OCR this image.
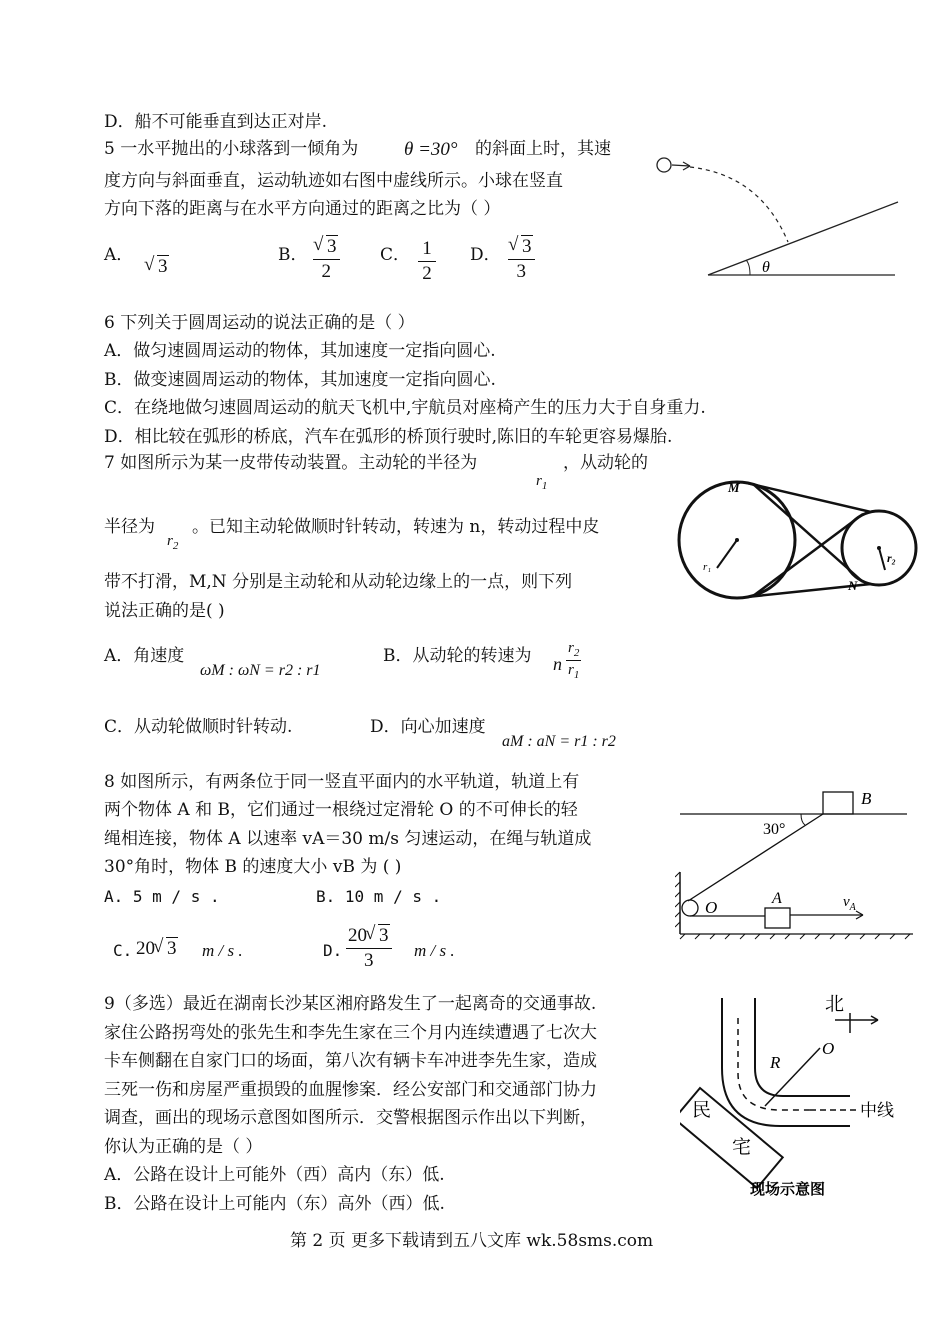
D．船不可能垂直到达正对岸.
5 一水平抛出的小球落到一倾角为 θ =30° 的斜面上时，其速
度方向与斜面垂直，运动轨迹如右图中虚线所示。小球在竖直
方向下落的距离与在水平方向通过的距离之比为（ ）
A．
√ 3
B． √ $\frac{3}{2}$ C． $\frac{1}{2}$ D． √ $\frac{3}{3}$	θ
6 下列关于圆周运动的说法正确的是（ ）
A．做匀速圆周运动的物体，其加速度一定指向圆心.
B．做变速圆周运动的物体，其加速度一定指向圆心.
C．在绕地做匀速圆周运动的航天飞机中,宇航员对座椅产生的压力大于自身重力.
D．相比较在弧形的桥底，汽车在弧形的桥顶行驶时,陈旧的车轮更容易爆胎.
7 如图所示为某一皮带传动装置。主动轮的半径为
$r_1$
，从动轮的
半径为
$r_2$
。已知主动轮做顺时针转动，转速为 n，转动过程中皮
带不打滑，M,N 分别是主动轮和从动轮边缘上的一点，则下列
说法正确的是( )
A．角速度
ωM : ωN = r2 : r1
B．从动轮的转速为 n $\frac{r_2}{r_1}$
C．从动轮做顺时针转动.	D．向心加速度
aM : aN = r1 : r2
M
N
r₁
r₂
8 如图所示，有两条位于同一竖直平面内的水平轨道，轨道上有
两个物体 A 和 B，它们通过一根绕过定滑轮 O 的不可伸长的轻
绳相连接，物体 A 以速率 vA＝30 m/s 匀速运动，在绳与轨道成
30°角时，物体 B 的速度大小 vB 为 ( )
A. 5 m / s .	B. 10 m / s .
C. 20 √ 3 m / s .	D. $\frac{20 √ 3}{3}$ m / s .
B
30°
O	A	$v_A$
9（多选）最近在湖南长沙某区湘府路发生了一起离奇的交通事故.
家住公路拐弯处的张先生和李先生家在三个月内连续遭遇了七次大
卡车侧翻在自家门口的场面，第八次有辆卡车冲进李先生家，造成
三死一伤和房屋严重损毁的血腥惨案．经公安部门和交通部门协力
调查，画出的现场示意图如图所示．交警根据图示作出以下判断，
你认为正确的是（ ）
A．公路在设计上可能外（西）高内（东）低.
B．公路在设计上可能内（东）高外（西）低.
北
中线
R
O
民
宅
现场示意图
第 2 页 更多下载请到五八文库 wk.58sms.com
